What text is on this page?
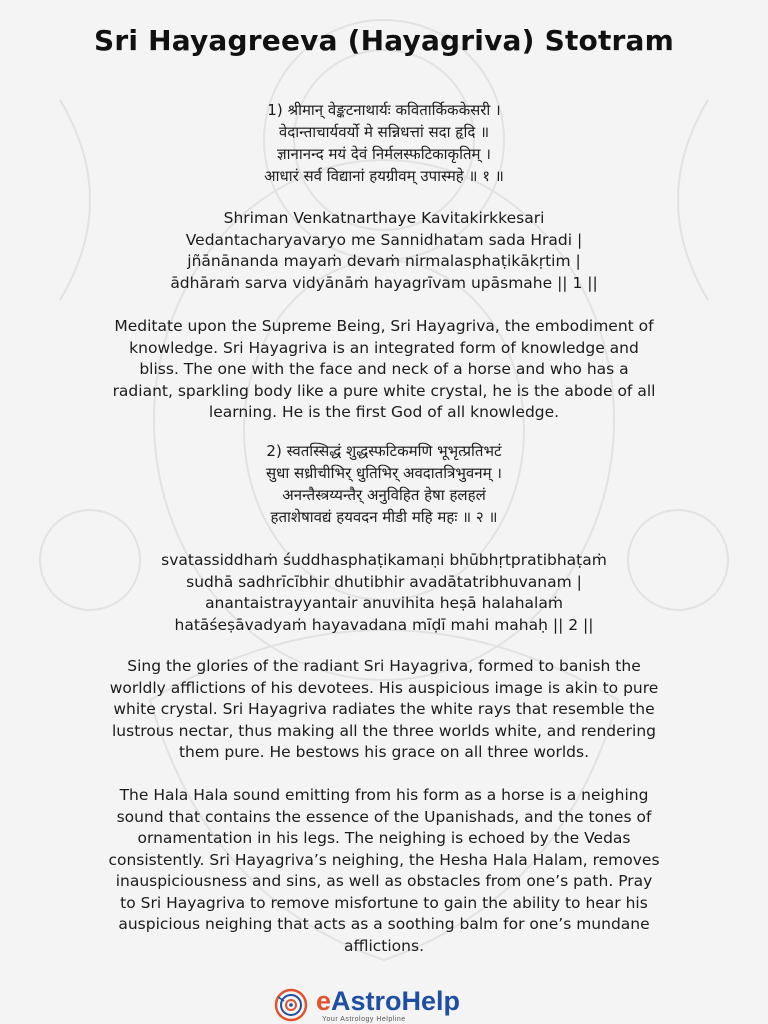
Sri Hayagreeva (Hayagriva) Stotram
1) श्रीमान् वेङ्कटनाथार्यः कवितार्किककेसरी ।
वेदान्ताचार्यवर्यो मे सन्निधत्तां सदा हृदि ॥
ज्ञानानन्द मयं देवं निर्मलस्फटिकाकृतिम् ।
आधारं सर्व विद्यानां हयग्रीवम् उपास्महे ॥ १ ॥
Shriman Venkatnarthaye Kavitakirkkesari
Vedantacharyavaryo me Sannidhatam sada Hradi |
jñānānanda mayaṁ devaṁ nirmalasphaṭikākṛtim |
ādhāraṁ sarva vidyānāṁ hayagrīvam upāsmahe || 1 ||
Meditate upon the Supreme Being, Sri Hayagriva, the embodiment of
knowledge. Sri Hayagriva is an integrated form of knowledge and
bliss. The one with the face and neck of a horse and who has a
radiant, sparkling body like a pure white crystal, he is the abode of all
learning. He is the first God of all knowledge.
2) स्वतस्सिद्धं शुद्धस्फटिकमणि भूभृत्प्रतिभटं
सुधा सध्रीचीभिर् धुतिभिर् अवदातत्रिभुवनम् ।
अनन्तैस्त्रय्यन्तैर् अनुविहित हेषा हलहलं
हताशेषावद्यं हयवदन मीडी महि महः ॥ २ ॥
svatassiddhaṁ śuddhasphaṭikamaṇi bhūbhṛtpratibhaṭaṁ
sudhā sadhrīcībhir dhutibhir avadātatribhuvanam |
anantaistrayyantair anuvihita heṣā halahalaṁ
hatāśeṣāvadyaṁ hayavadana mīḍī mahi mahaḥ || 2 ||
Sing the glories of the radiant Sri Hayagriva, formed to banish the
worldly afflictions of his devotees. His auspicious image is akin to pure
white crystal. Sri Hayagriva radiates the white rays that resemble the
lustrous nectar, thus making all the three worlds white, and rendering
them pure. He bestows his grace on all three worlds.
The Hala Hala sound emitting from his form as a horse is a neighing
sound that contains the essence of the Upanishads, and the tones of
ornamentation in his legs. The neighing is echoed by the Vedas
consistently. Sri Hayagriva’s neighing, the Hesha Hala Halam, removes
inauspiciousness and sins, as well as obstacles from one’s path. Pray
to Sri Hayagriva to remove misfortune to gain the ability to hear his
auspicious neighing that acts as a soothing balm for one’s mundane
afflictions.
eAstroHelp
Your Astrology Helpline
